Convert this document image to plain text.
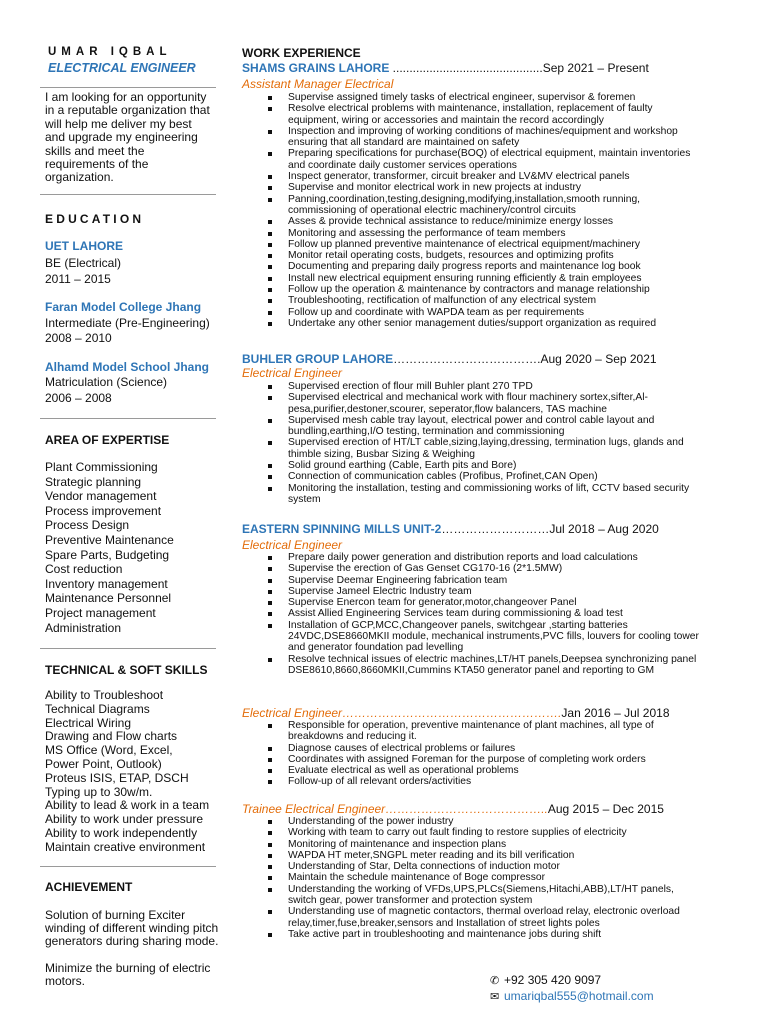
UMAR IQBAL
ELECTRICAL ENGINEER
I am looking for an opportunity in a reputable organization that will help me deliver my best and upgrade my engineering skills and meet the requirements of the organization.
EDUCATION
UET LAHORE
BE (Electrical)
2011 – 2015
Faran Model College Jhang
Intermediate (Pre-Engineering)
2008 – 2010
Alhamd Model School Jhang
Matriculation (Science)
2006 – 2008
AREA OF EXPERTISE
Plant Commissioning
Strategic planning
Vendor management
Process improvement
Process Design
Preventive Maintenance
Spare Parts, Budgeting
Cost reduction
Inventory management
Maintenance Personnel
Project management
Administration
TECHNICAL & SOFT SKILLS
Ability to Troubleshoot
Technical Diagrams
Electrical Wiring
Drawing and Flow charts
MS Office (Word, Excel,
Power Point, Outlook)
Proteus ISIS, ETAP, DSCH
Typing up to 30w/m.
Ability to lead & work in a team
Ability to work under pressure
Ability to work independently
Maintain creative environment
ACHIEVEMENT
Solution of burning Exciter winding of different winding pitch generators during sharing mode.
Minimize the burning of electric motors.
WORK EXPERIENCE
SHAMS GRAINS LAHORE .............................................Sep 2021 – Present
Assistant Manager Electrical
Supervise assigned timely tasks of electrical engineer, supervisor & foremen
Resolve electrical problems with maintenance, installation, replacement of faulty equipment, wiring or accessories and maintain the record accordingly
Inspection and improving of working conditions of machines/equipment and workshop ensuring that all standard are maintained on safety
Preparing specifications for purchase(BOQ) of electrical equipment, maintain inventories and coordinate daily customer services operations
Inspect generator, transformer, circuit breaker and LV&MV electrical panels
Supervise and monitor electrical work in new projects at industry
Panning,coordination,testing,designing,modifying,installation,smooth running, commissioning of operational electric machinery/control circuits
Asses & provide technical assistance to reduce/minimize energy losses
Monitoring and assessing the performance of team members
Follow up planned preventive maintenance of electrical equipment/machinery
Monitor retail operating costs, budgets, resources and optimizing profits
Documenting and preparing daily progress reports and maintenance log book
Install new electrical equipment ensuring running efficiently & train employees
Follow up the operation & maintenance by contractors and manage relationship
Troubleshooting, rectification of malfunction of any electrical system
Follow up and coordinate with WAPDA team as per requirements
Undertake any other senior management duties/support organization as required
BUHLER GROUP LAHORE……………………………….Aug 2020 – Sep 2021
Electrical Engineer
Supervised erection of flour mill Buhler plant 270 TPD
Supervised electrical and mechanical work with flour machinery sortex,sifter,Al-pesa,purifier,destoner,scourer, seperator,flow balancers, TAS machine
Supervised mesh cable tray layout, electrical power and control cable layout and bundling,earthing,I/O testing, termination and commissioning
Supervised erection of HT/LT cable,sizing,laying,dressing, termination lugs, glands and thimble sizing, Busbar Sizing & Weighing
Solid ground earthing (Cable, Earth pits and Bore)
Connection of communication cables (Profibus, Profinet,CAN Open)
Monitoring the installation, testing and commissioning works of lift, CCTV based security system
EASTERN SPINNING MILLS UNIT-2………………………Jul 2018 – Aug 2020
Electrical Engineer
Prepare daily power generation and distribution reports and load calculations
Supervise the erection of Gas Genset CG170-16 (2*1.5MW)
Supervise Deemar Engineering fabrication team
Supervise Jameel Electric Industry team
Supervise Enercon team for generator,motor,changeover Panel
Assist Allied Engineering Services team during commissioning & load test
Installation of GCP,MCC,Changeover panels, switchgear ,starting batteries 24VDC,DSE8660MKII module, mechanical instruments,PVC fills, louvers for cooling tower and generator foundation pad levelling
Resolve technical issues of electric machines,LT/HT panels,Deepsea synchronizing panel DSE8610,8660,8660MKII,Cummins KTA50 generator panel and reporting to GM
Electrical Engineer……………………………………………….Jan 2016 – Jul 2018
Responsible for operation, preventive maintenance of plant machines, all type of breakdowns and reducing it.
Diagnose causes of electrical problems or failures
Coordinates with assigned Foreman for the purpose of completing work orders
Evaluate electrical as well as operational problems
Follow-up of all relevant orders/activities
Trainee Electrical Engineer…………………………………..Aug 2015 – Dec 2015
Understanding of the power industry
Working with team to carry out fault finding to restore supplies of electricity
Monitoring of maintenance and inspection plans
WAPDA HT meter,SNGPL meter reading and its bill verification
Understanding of Star, Delta connections of induction motor
Maintain the schedule maintenance of Boge compressor
Understanding the working of VFDs,UPS,PLCs(Siemens,Hitachi,ABB),LT/HT panels, switch gear, power transformer and protection system
Understanding use of magnetic contactors, thermal overload relay, electronic overload relay,timer,fuse,breaker,sensors and Installation of street lights poles
Take active part in troubleshooting and maintenance jobs during shift
✆ +92 305 420 9097
✉ umariqbal555@hotmail.com
